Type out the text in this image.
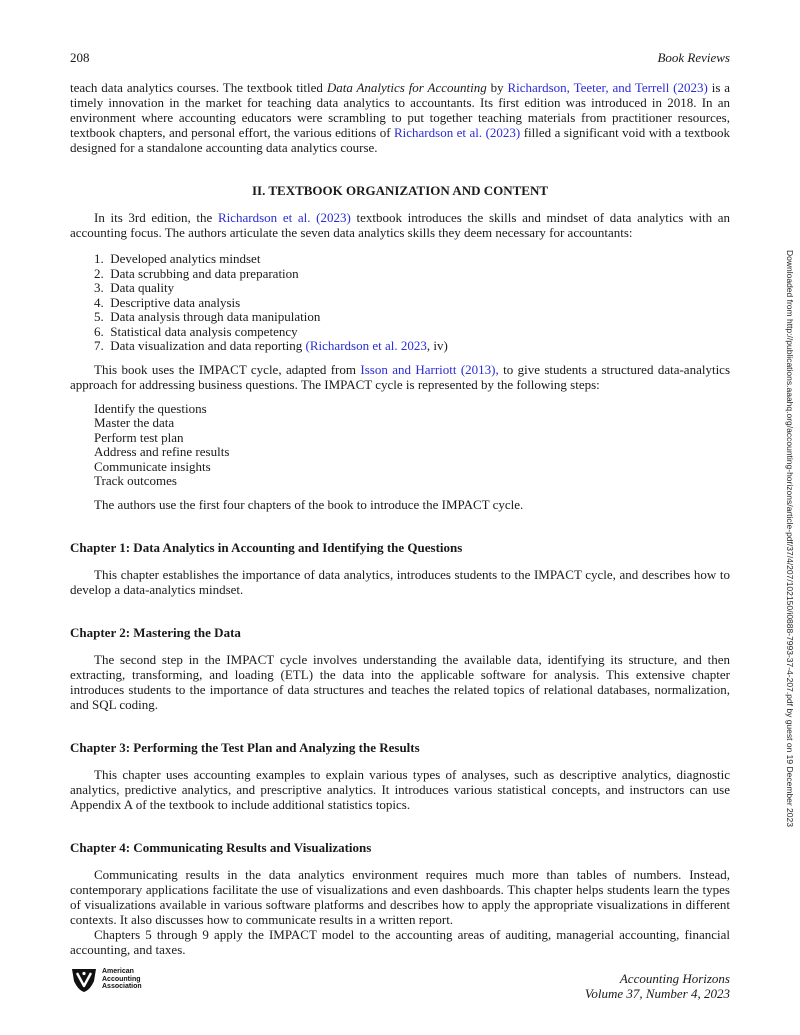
208	Book Reviews

teach data analytics courses. The textbook titled Data Analytics for Accounting by Richardson, Teeter, and Terrell (2023) is a timely innovation in the market for teaching data analytics to accountants. Its first edition was introduced in 2018. In an environment where accounting educators were scrambling to put together teaching materials from practitioner resources, textbook chapters, and personal effort, the various editions of Richardson et al. (2023) filled a significant void with a textbook designed for a standalone accounting data analytics course.

II. TEXTBOOK ORGANIZATION AND CONTENT

In its 3rd edition, the Richardson et al. (2023) textbook introduces the skills and mindset of data analytics with an accounting focus. The authors articulate the seven data analytics skills they deem necessary for accountants:

1.  Developed analytics mindset
2.  Data scrubbing and data preparation
3.  Data quality
4.  Descriptive data analysis
5.  Data analysis through data manipulation
6.  Statistical data analysis competency
7.  Data visualization and data reporting (Richardson et al. 2023, iv)

This book uses the IMPACT cycle, adapted from Isson and Harriott (2013), to give students a structured data-analytics approach for addressing business questions. The IMPACT cycle is represented by the following steps:

Identify the questions
Master the data
Perform test plan
Address and refine results
Communicate insights
Track outcomes

The authors use the first four chapters of the book to introduce the IMPACT cycle.

Chapter 1: Data Analytics in Accounting and Identifying the Questions

This chapter establishes the importance of data analytics, introduces students to the IMPACT cycle, and describes how to develop a data-analytics mindset.

Chapter 2: Mastering the Data

The second step in the IMPACT cycle involves understanding the available data, identifying its structure, and then extracting, transforming, and loading (ETL) the data into the applicable software for analysis. This extensive chapter introduces students to the importance of data structures and teaches the related topics of relational databases, normalization, and SQL coding.

Chapter 3: Performing the Test Plan and Analyzing the Results

This chapter uses accounting examples to explain various types of analyses, such as descriptive analytics, diagnostic analytics, predictive analytics, and prescriptive analytics. It introduces various statistical concepts, and instructors can use Appendix A of the textbook to include additional statistics topics.

Chapter 4: Communicating Results and Visualizations

Communicating results in the data analytics environment requires much more than tables of numbers. Instead, contemporary applications facilitate the use of visualizations and even dashboards. This chapter helps students learn the types of visualizations available in various software platforms and describes how to apply the appropriate visualizations in different contexts. It also discusses how to communicate results in a written report.

Chapters 5 through 9 apply the IMPACT model to the accounting areas of auditing, managerial accounting, financial accounting, and taxes.

Downloaded from http://publications.aaahq.org/accounting-horizons/article-pdf/37/4/207/102150/i0888-7993-37-4-207.pdf by guest on 19 December 2023
American
Accounting
Association
Accounting Horizons
Volume 37, Number 4, 2023
